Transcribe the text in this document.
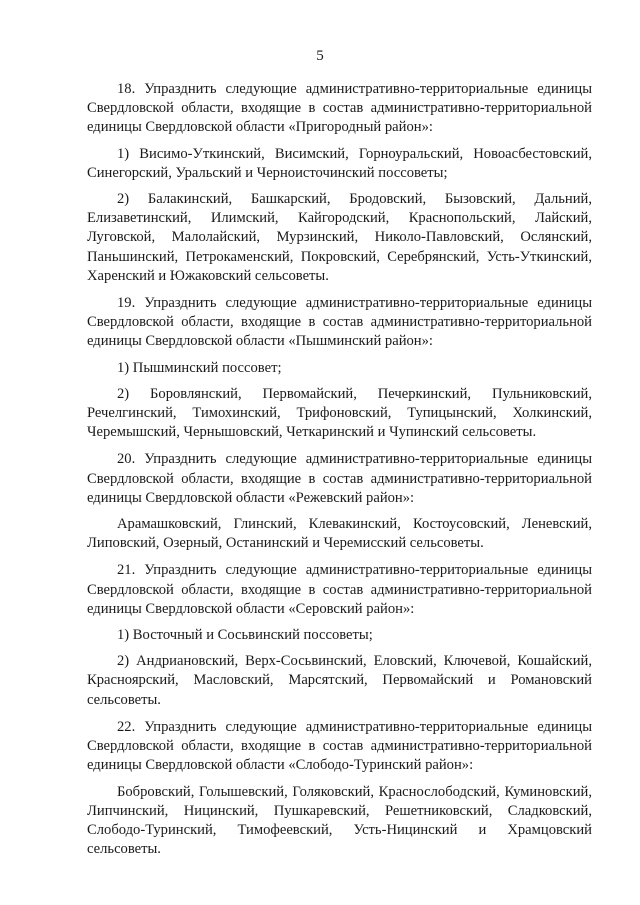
5

18. Упразднить следующие административно-территориальные единицы Свердловской области, входящие в состав административно-территориальной единицы Свердловской области «Пригородный район»:

1) Висимо-Уткинский, Висимский, Горноуральский, Новоасбестовский, Синегорский, Уральский и Черноисточинский поссоветы;

2) Балакинский, Башкарский, Бродовский, Бызовский, Дальний, Елизаветинский, Илимский, Кайгородский, Краснопольский, Лайский, Луговской, Малолайский, Мурзинский, Николо-Павловский, Ослянский, Паньшинский, Петрокаменский, Покровский, Серебрянский, Усть-Уткинский, Харенский и Южаковский сельсоветы.

19. Упразднить следующие административно-территориальные единицы Свердловской области, входящие в состав административно-территориальной единицы Свердловской области «Пышминский район»:

1) Пышминский поссовет;

2) Боровлянский, Первомайский, Печеркинский, Пульниковский, Речелгинский, Тимохинский, Трифоновский, Тупицынский, Холкинский, Черемышский, Чернышовский, Четкаринский и Чупинский сельсоветы.

20. Упразднить следующие административно-территориальные единицы Свердловской области, входящие в состав административно-территориальной единицы Свердловской области «Режевский район»:

Арамашковский, Глинский, Клевакинский, Костоусовский, Леневский, Липовский, Озерный, Останинский и Черемисский сельсоветы.

21. Упразднить следующие административно-территориальные единицы Свердловской области, входящие в состав административно-территориальной единицы Свердловской области «Серовский район»:

1) Восточный и Сосьвинский поссоветы;

2) Андриановский, Верх-Сосьвинский, Еловский, Ключевой, Кошайский, Красноярский, Масловский, Марсятский, Первомайский и Романовский сельсоветы.

22. Упразднить следующие административно-территориальные единицы Свердловской области, входящие в состав административно-территориальной единицы Свердловской области «Слободо-Туринский район»:

Бобровский, Голышевский, Голяковский, Краснослободский, Куминовский, Липчинский, Ницинский, Пушкаревский, Решетниковский, Сладковский, Слободо-Туринский, Тимофеевский, Усть-Ницинский и Храмцовский сельсоветы.
